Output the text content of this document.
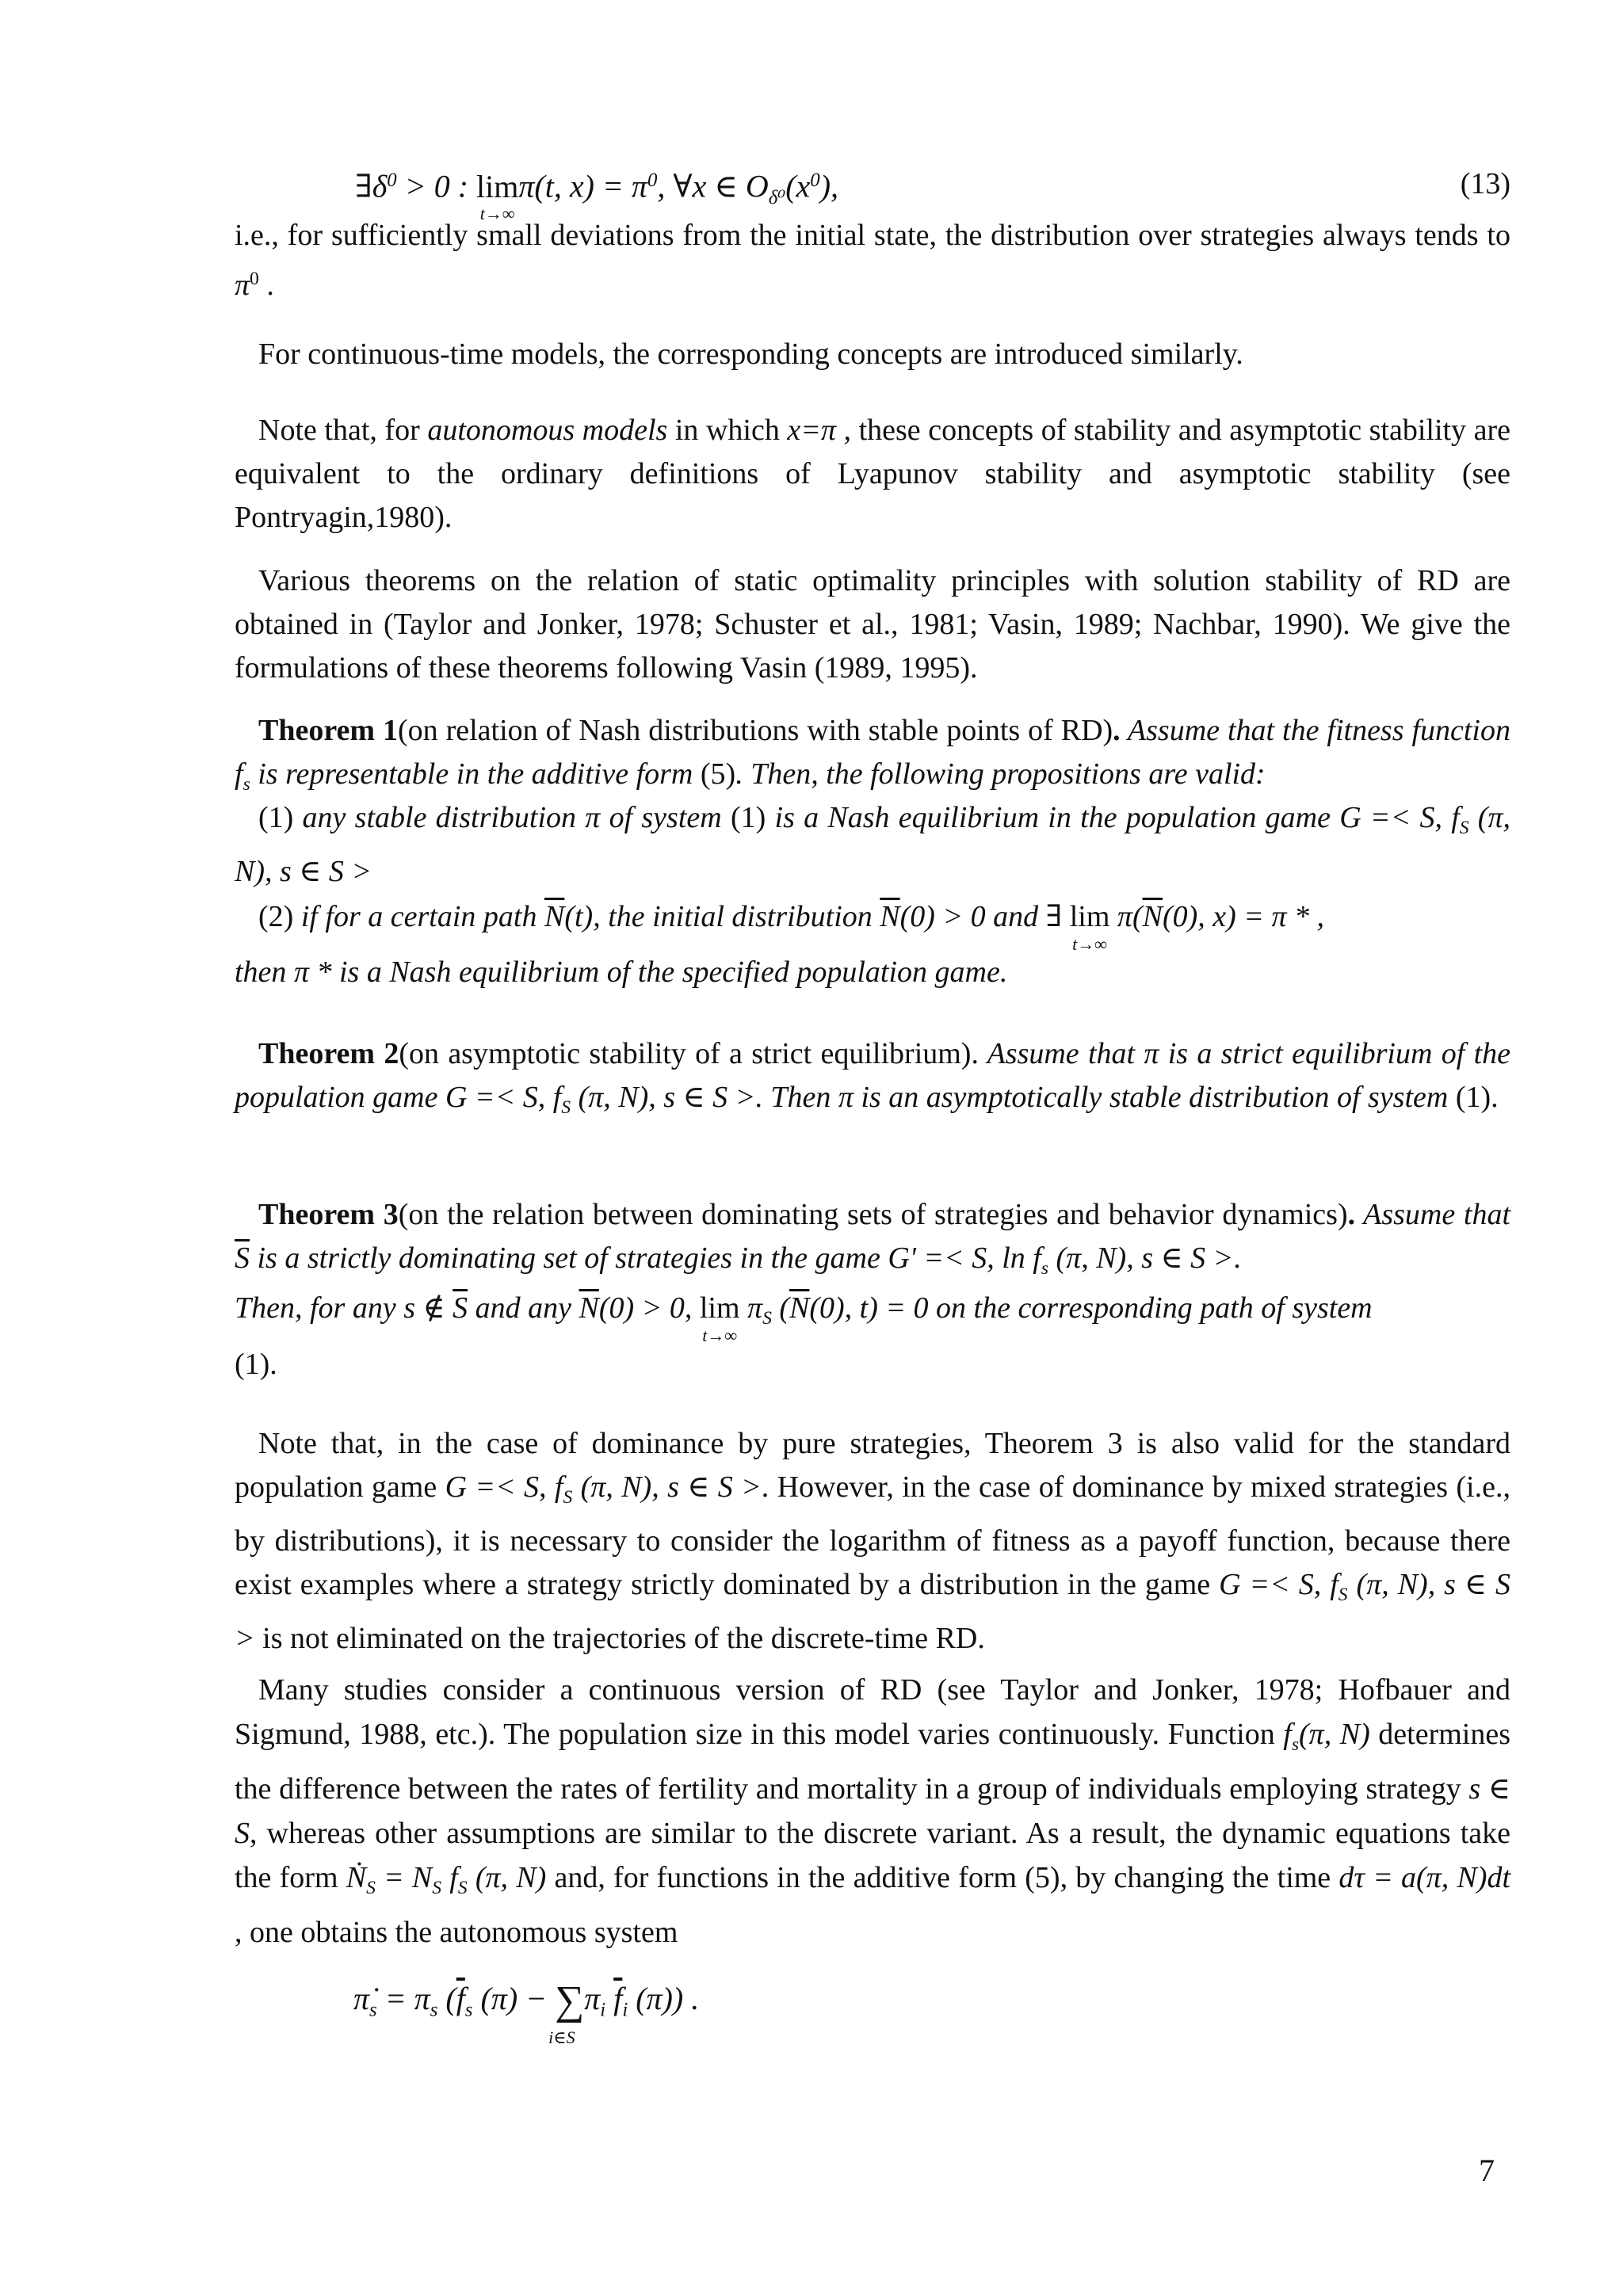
$\exists\delta^0 > 0$ : lim
t→∞
π(t, $x) = \pi^0$, ∀x ∈ $O_{\delta^0}(x^0)$,	(13)
i.e., for sufficiently small deviations from the initial state, the distribution over strategies always tends to $\pi^0$ .
For continuous-time models, the corresponding concepts are introduced similarly.
Note that, for autonomous models in which x=π , these concepts of stability and asymptotic stability are equivalent to the ordinary definitions of Lyapunov stability and asymptotic stability (see Pontryagin,1980).
Various theorems on the relation of static optimality principles with solution stability of RD are obtained in (Taylor and Jonker, 1978; Schuster et al., 1981; Vasin, 1989; Nachbar, 1990). We give the formulations of these theorems following Vasin (1989, 1995).
Theorem 1(on relation of Nash distributions with stable points of RD). Assume that the fitness function $f_s$ is representable in the additive form (5). Then, the following propositions are valid:
(1) any stable distribution π of system (1) is a Nash equilibrium in the population game G =< S, $f_S$ (π, N), s ∈ S >
(2) if for a certain path $\overline{N}(t)$, the initial distribution $\overline{N}(0) > 0$ and ∃ lim
t→∞
$\pi(\overline{N}(0)$, x) = π * ,
then π * is a Nash equilibrium of the specified population game.
Theorem 2(on asymptotic stability of a strict equilibrium). Assume that π is a strict equilibrium of the population game G =< S, $f_S$ (π, N), s ∈ S >. Then π is an asymptotically stable distribution of system (1).
Theorem 3(on the relation between dominating sets of strategies and behavior dynamics). Assume that $\overline{S}$ is a strictly dominating set of strategies in the game G' =< S, $\ln f_s$ (π, N), s ∈ S >.
Then, for any s ∉ $\overline{S}$ and any $\overline{N}(0) > 0$, lim
t→∞
$\pi_S$ ($\overline{N}(0)$, t) = 0 on the corresponding path of system
(1).
Note that, in the case of dominance by pure strategies, Theorem 3 is also valid for the standard population game G =< S, $f_S$ (π, N), s ∈ S >. However, in the case of dominance by mixed strategies (i.e., by distributions), it is necessary to consider the logarithm of fitness as a payoff function, because there exist examples where a strategy strictly dominated by a distribution in the game G =< S, $f_S$ (π, N), s ∈ S > is not eliminated on the trajectories of the discrete-time RD.
Many studies consider a continuous version of RD (see Taylor and Jonker, 1978; Hofbauer and Sigmund, 1988, etc.). The population size in this model varies continuously. Function $f_s(\pi$, N) determines the difference between the rates of fertility and mortality in a group of individuals employing strategy s ∈ S, whereas other assumptions are similar to the discrete variant. As a result, the dynamic equations take the form Ṅ$_S$ = $N_S$ $f_S$ (π, N) and, for functions in the additive form (5), by changing the time dτ = a(π, N)dt , one obtains the autonomous system
$\pi̇_s = \pi_s$ ($\overline{f}_s$ (π) − ∑
i∈S
$\pi_i$ $\overline{f}_i$ (π)) .
7
